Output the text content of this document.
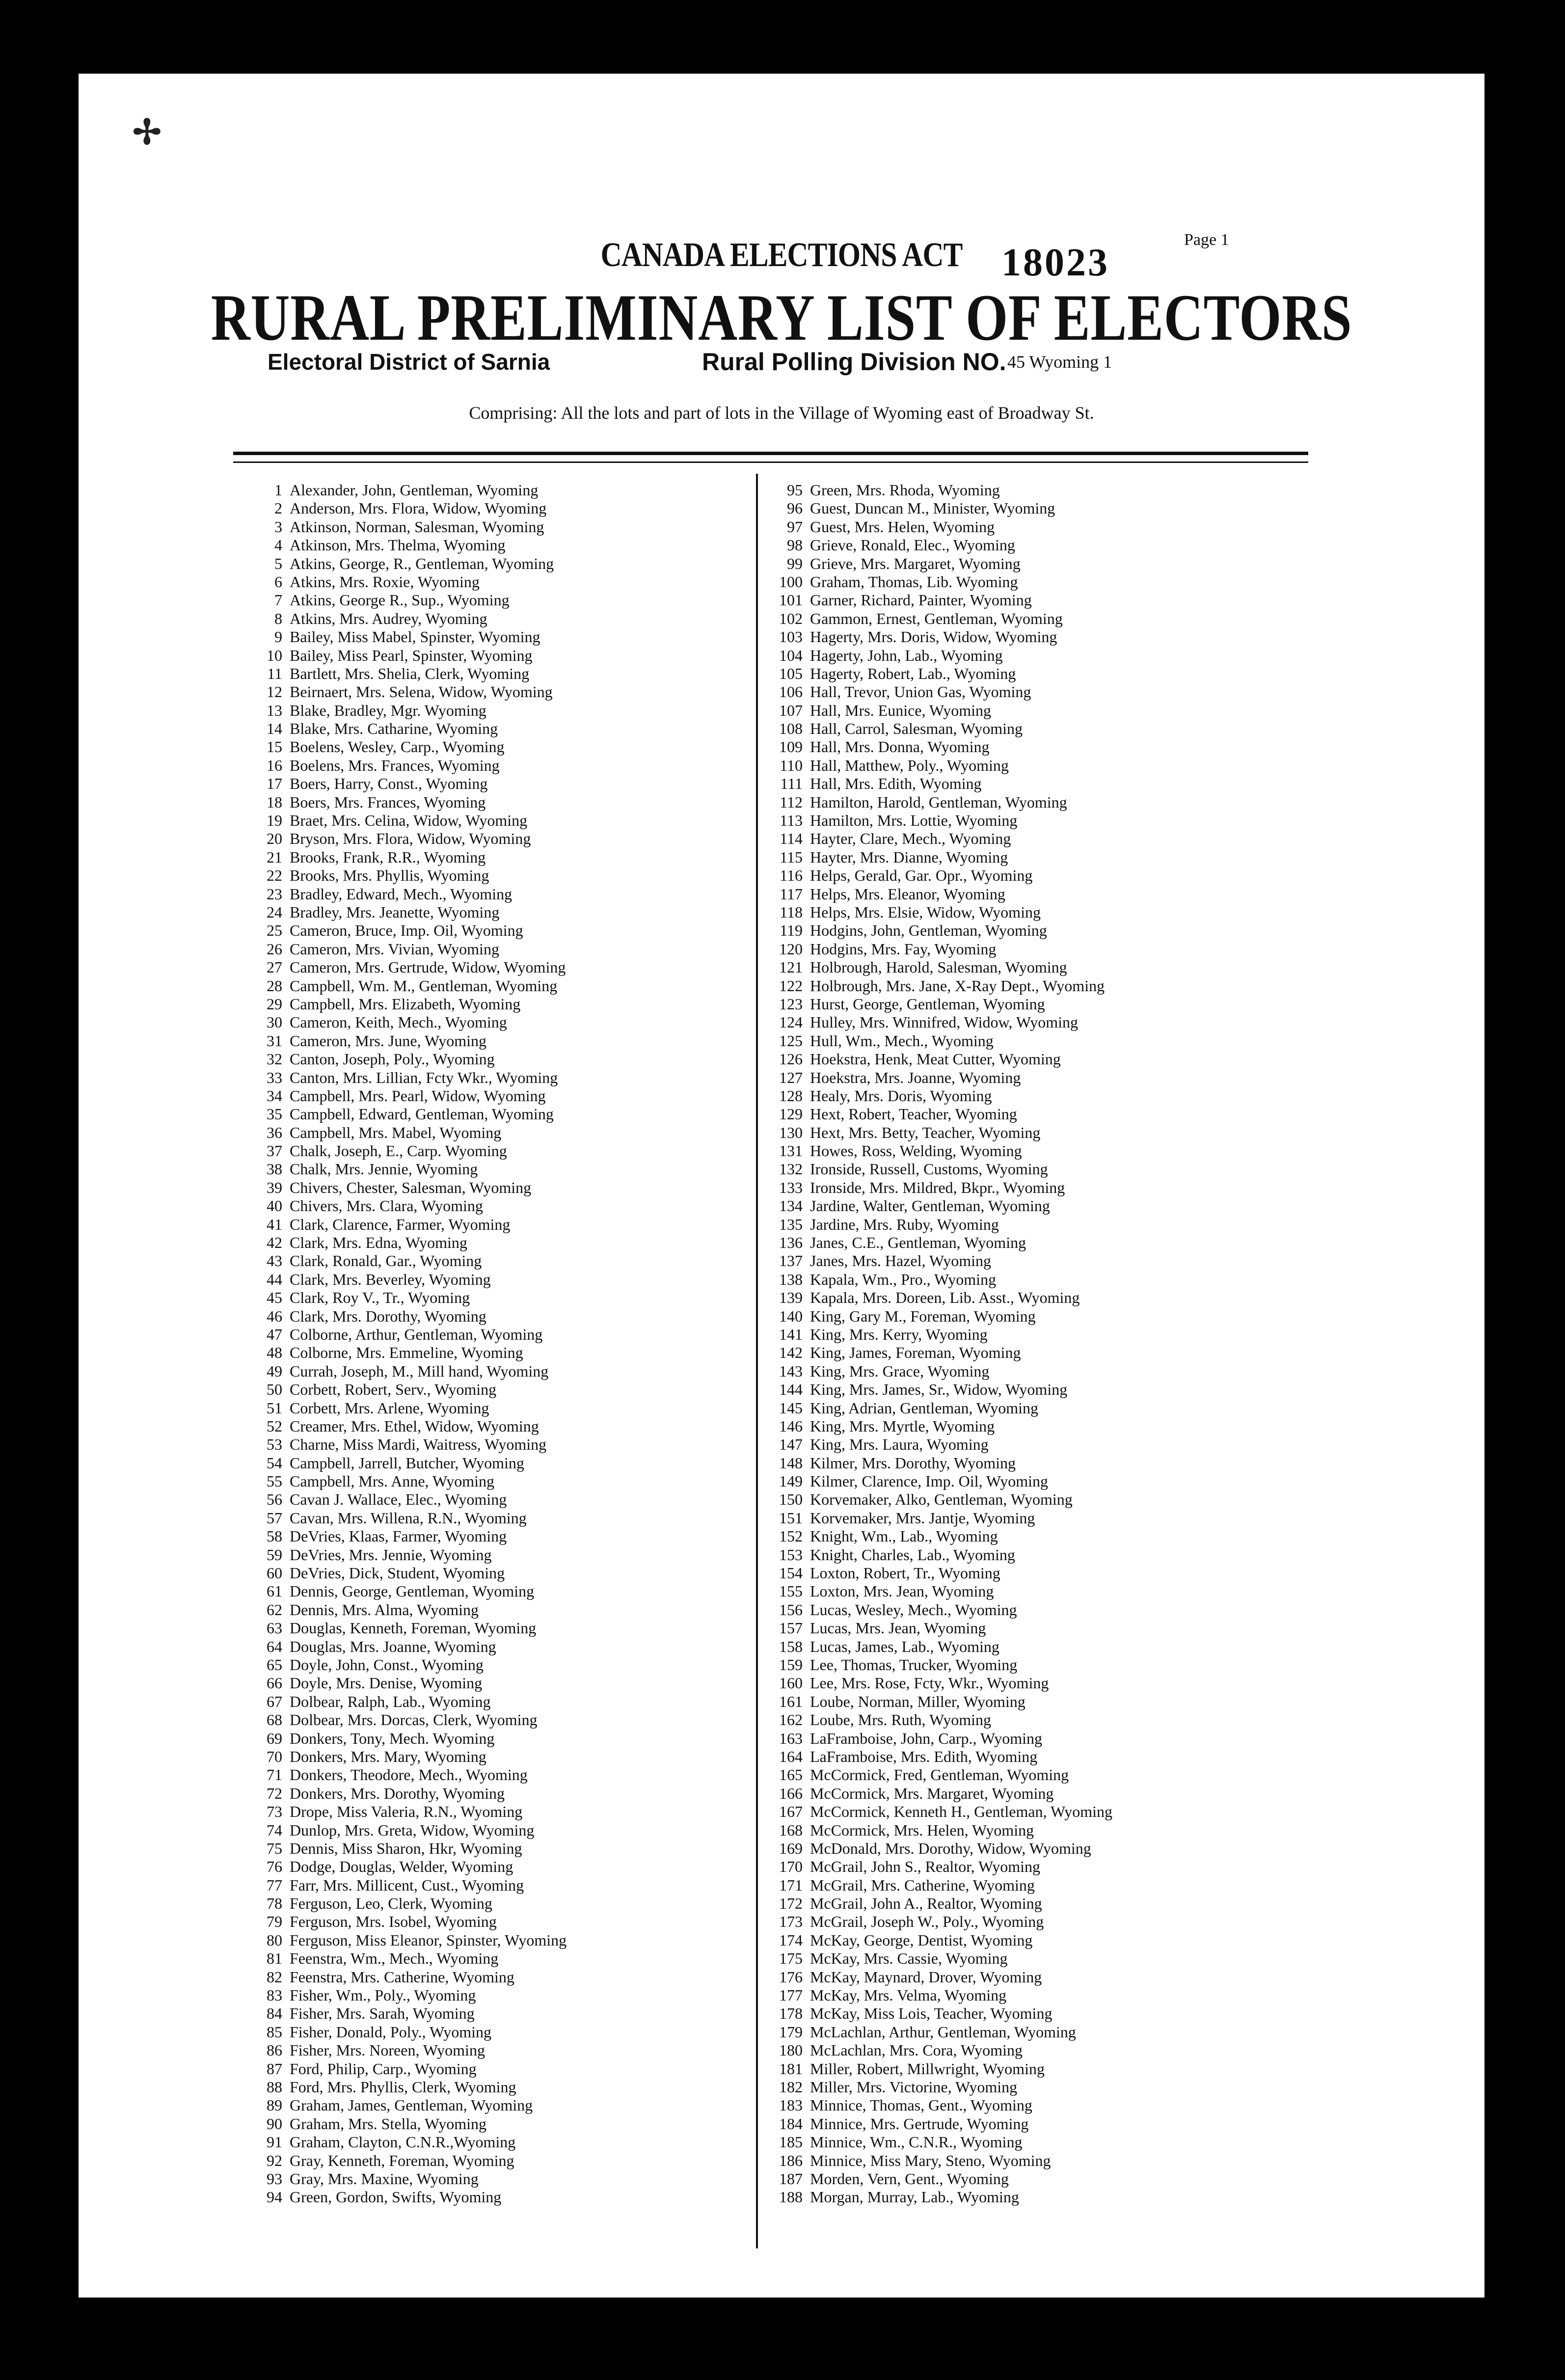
✢
Page 1
CANADA ELECTIONS ACT 18023
RURAL PRELIMINARY LIST OF ELECTORS
Electoral District of Sarnia	Rural Polling Division NO. 45 Wyoming 1
Comprising: All the lots and part of lots in the Village of Wyoming east of Broadway St.
1 Alexander, John, Gentleman, Wyoming
2 Anderson, Mrs. Flora, Widow, Wyoming
3 Atkinson, Norman, Salesman, Wyoming
4 Atkinson, Mrs. Thelma, Wyoming
5 Atkins, George, R., Gentleman, Wyoming
6 Atkins, Mrs. Roxie, Wyoming
7 Atkins, George R., Sup., Wyoming
8 Atkins, Mrs. Audrey, Wyoming
9 Bailey, Miss Mabel, Spinster, Wyoming
10 Bailey, Miss Pearl, Spinster, Wyoming
11 Bartlett, Mrs. Shelia, Clerk, Wyoming
12 Beirnaert, Mrs. Selena, Widow, Wyoming
13 Blake, Bradley, Mgr. Wyoming
14 Blake, Mrs. Catharine, Wyoming
15 Boelens, Wesley, Carp., Wyoming
16 Boelens, Mrs. Frances, Wyoming
17 Boers, Harry, Const., Wyoming
18 Boers, Mrs. Frances, Wyoming
19 Braet, Mrs. Celina, Widow, Wyoming
20 Bryson, Mrs. Flora, Widow, Wyoming
21 Brooks, Frank, R.R., Wyoming
22 Brooks, Mrs. Phyllis, Wyoming
23 Bradley, Edward, Mech., Wyoming
24 Bradley, Mrs. Jeanette, Wyoming
25 Cameron, Bruce, Imp. Oil, Wyoming
26 Cameron, Mrs. Vivian, Wyoming
27 Cameron, Mrs. Gertrude, Widow, Wyoming
28 Campbell, Wm. M., Gentleman, Wyoming
29 Campbell, Mrs. Elizabeth, Wyoming
30 Cameron, Keith, Mech., Wyoming
31 Cameron, Mrs. June, Wyoming
32 Canton, Joseph, Poly., Wyoming
33 Canton, Mrs. Lillian, Fcty Wkr., Wyoming
34 Campbell, Mrs. Pearl, Widow, Wyoming
35 Campbell, Edward, Gentleman, Wyoming
36 Campbell, Mrs. Mabel, Wyoming
37 Chalk, Joseph, E., Carp. Wyoming
38 Chalk, Mrs. Jennie, Wyoming
39 Chivers, Chester, Salesman, Wyoming
40 Chivers, Mrs. Clara, Wyoming
41 Clark, Clarence, Farmer, Wyoming
42 Clark, Mrs. Edna, Wyoming
43 Clark, Ronald, Gar., Wyoming
44 Clark, Mrs. Beverley, Wyoming
45 Clark, Roy V., Tr., Wyoming
46 Clark, Mrs. Dorothy, Wyoming
47 Colborne, Arthur, Gentleman, Wyoming
48 Colborne, Mrs. Emmeline, Wyoming
49 Currah, Joseph, M., Mill hand, Wyoming
50 Corbett, Robert, Serv., Wyoming
51 Corbett, Mrs. Arlene, Wyoming
52 Creamer, Mrs. Ethel, Widow, Wyoming
53 Charne, Miss Mardi, Waitress, Wyoming
54 Campbell, Jarrell, Butcher, Wyoming
55 Campbell, Mrs. Anne, Wyoming
56 Cavan J. Wallace, Elec., Wyoming
57 Cavan, Mrs. Willena, R.N., Wyoming
58 DeVries, Klaas, Farmer, Wyoming
59 DeVries, Mrs. Jennie, Wyoming
60 DeVries, Dick, Student, Wyoming
61 Dennis, George, Gentleman, Wyoming
62 Dennis, Mrs. Alma, Wyoming
63 Douglas, Kenneth, Foreman, Wyoming
64 Douglas, Mrs. Joanne, Wyoming
65 Doyle, John, Const., Wyoming
66 Doyle, Mrs. Denise, Wyoming
67 Dolbear, Ralph, Lab., Wyoming
68 Dolbear, Mrs. Dorcas, Clerk, Wyoming
69 Donkers, Tony, Mech. Wyoming
70 Donkers, Mrs. Mary, Wyoming
71 Donkers, Theodore, Mech., Wyoming
72 Donkers, Mrs. Dorothy, Wyoming
73 Drope, Miss Valeria, R.N., Wyoming
74 Dunlop, Mrs. Greta, Widow, Wyoming
75 Dennis, Miss Sharon, Hkr, Wyoming
76 Dodge, Douglas, Welder, Wyoming
77 Farr, Mrs. Millicent, Cust., Wyoming
78 Ferguson, Leo, Clerk, Wyoming
79 Ferguson, Mrs. Isobel, Wyoming
80 Ferguson, Miss Eleanor, Spinster, Wyoming
81 Feenstra, Wm., Mech., Wyoming
82 Feenstra, Mrs. Catherine, Wyoming
83 Fisher, Wm., Poly., Wyoming
84 Fisher, Mrs. Sarah, Wyoming
85 Fisher, Donald, Poly., Wyoming
86 Fisher, Mrs. Noreen, Wyoming
87 Ford, Philip, Carp., Wyoming
88 Ford, Mrs. Phyllis, Clerk, Wyoming
89 Graham, James, Gentleman, Wyoming
90 Graham, Mrs. Stella, Wyoming
91 Graham, Clayton, C.N.R.,Wyoming
92 Gray, Kenneth, Foreman, Wyoming
93 Gray, Mrs. Maxine, Wyoming
94 Green, Gordon, Swifts, Wyoming
95 Green, Mrs. Rhoda, Wyoming
96 Guest, Duncan M., Minister, Wyoming
97 Guest, Mrs. Helen, Wyoming
98 Grieve, Ronald, Elec., Wyoming
99 Grieve, Mrs. Margaret, Wyoming
100 Graham, Thomas, Lib. Wyoming
101 Garner, Richard, Painter, Wyoming
102 Gammon, Ernest, Gentleman, Wyoming
103 Hagerty, Mrs. Doris, Widow, Wyoming
104 Hagerty, John, Lab., Wyoming
105 Hagerty, Robert, Lab., Wyoming
106 Hall, Trevor, Union Gas, Wyoming
107 Hall, Mrs. Eunice, Wyoming
108 Hall, Carrol, Salesman, Wyoming
109 Hall, Mrs. Donna, Wyoming
110 Hall, Matthew, Poly., Wyoming
111 Hall, Mrs. Edith, Wyoming
112 Hamilton, Harold, Gentleman, Wyoming
113 Hamilton, Mrs. Lottie, Wyoming
114 Hayter, Clare, Mech., Wyoming
115 Hayter, Mrs. Dianne, Wyoming
116 Helps, Gerald, Gar. Opr., Wyoming
117 Helps, Mrs. Eleanor, Wyoming
118 Helps, Mrs. Elsie, Widow, Wyoming
119 Hodgins, John, Gentleman, Wyoming
120 Hodgins, Mrs. Fay, Wyoming
121 Holbrough, Harold, Salesman, Wyoming
122 Holbrough, Mrs. Jane, X-Ray Dept., Wyoming
123 Hurst, George, Gentleman, Wyoming
124 Hulley, Mrs. Winnifred, Widow, Wyoming
125 Hull, Wm., Mech., Wyoming
126 Hoekstra, Henk, Meat Cutter, Wyoming
127 Hoekstra, Mrs. Joanne, Wyoming
128 Healy, Mrs. Doris, Wyoming
129 Hext, Robert, Teacher, Wyoming
130 Hext, Mrs. Betty, Teacher, Wyoming
131 Howes, Ross, Welding, Wyoming
132 Ironside, Russell, Customs, Wyoming
133 Ironside, Mrs. Mildred, Bkpr., Wyoming
134 Jardine, Walter, Gentleman, Wyoming
135 Jardine, Mrs. Ruby, Wyoming
136 Janes, C.E., Gentleman, Wyoming
137 Janes, Mrs. Hazel, Wyoming
138 Kapala, Wm., Pro., Wyoming
139 Kapala, Mrs. Doreen, Lib. Asst., Wyoming
140 King, Gary M., Foreman, Wyoming
141 King, Mrs. Kerry, Wyoming
142 King, James, Foreman, Wyoming
143 King, Mrs. Grace, Wyoming
144 King, Mrs. James, Sr., Widow, Wyoming
145 King, Adrian, Gentleman, Wyoming
146 King, Mrs. Myrtle, Wyoming
147 King, Mrs. Laura, Wyoming
148 Kilmer, Mrs. Dorothy, Wyoming
149 Kilmer, Clarence, Imp. Oil, Wyoming
150 Korvemaker, Alko, Gentleman, Wyoming
151 Korvemaker, Mrs. Jantje, Wyoming
152 Knight, Wm., Lab., Wyoming
153 Knight, Charles, Lab., Wyoming
154 Loxton, Robert, Tr., Wyoming
155 Loxton, Mrs. Jean, Wyoming
156 Lucas, Wesley, Mech., Wyoming
157 Lucas, Mrs. Jean, Wyoming
158 Lucas, James, Lab., Wyoming
159 Lee, Thomas, Trucker, Wyoming
160 Lee, Mrs. Rose, Fcty, Wkr., Wyoming
161 Loube, Norman, Miller, Wyoming
162 Loube, Mrs. Ruth, Wyoming
163 LaFramboise, John, Carp., Wyoming
164 LaFramboise, Mrs. Edith, Wyoming
165 McCormick, Fred, Gentleman, Wyoming
166 McCormick, Mrs. Margaret, Wyoming
167 McCormick, Kenneth H., Gentleman, Wyoming
168 McCormick, Mrs. Helen, Wyoming
169 McDonald, Mrs. Dorothy, Widow, Wyoming
170 McGrail, John S., Realtor, Wyoming
171 McGrail, Mrs. Catherine, Wyoming
172 McGrail, John A., Realtor, Wyoming
173 McGrail, Joseph W., Poly., Wyoming
174 McKay, George, Dentist, Wyoming
175 McKay, Mrs. Cassie, Wyoming
176 McKay, Maynard, Drover, Wyoming
177 McKay, Mrs. Velma, Wyoming
178 McKay, Miss Lois, Teacher, Wyoming
179 McLachlan, Arthur, Gentleman, Wyoming
180 McLachlan, Mrs. Cora, Wyoming
181 Miller, Robert, Millwright, Wyoming
182 Miller, Mrs. Victorine, Wyoming
183 Minnice, Thomas, Gent., Wyoming
184 Minnice, Mrs. Gertrude, Wyoming
185 Minnice, Wm., C.N.R., Wyoming
186 Minnice, Miss Mary, Steno, Wyoming
187 Morden, Vern, Gent., Wyoming
188 Morgan, Murray, Lab., Wyoming
